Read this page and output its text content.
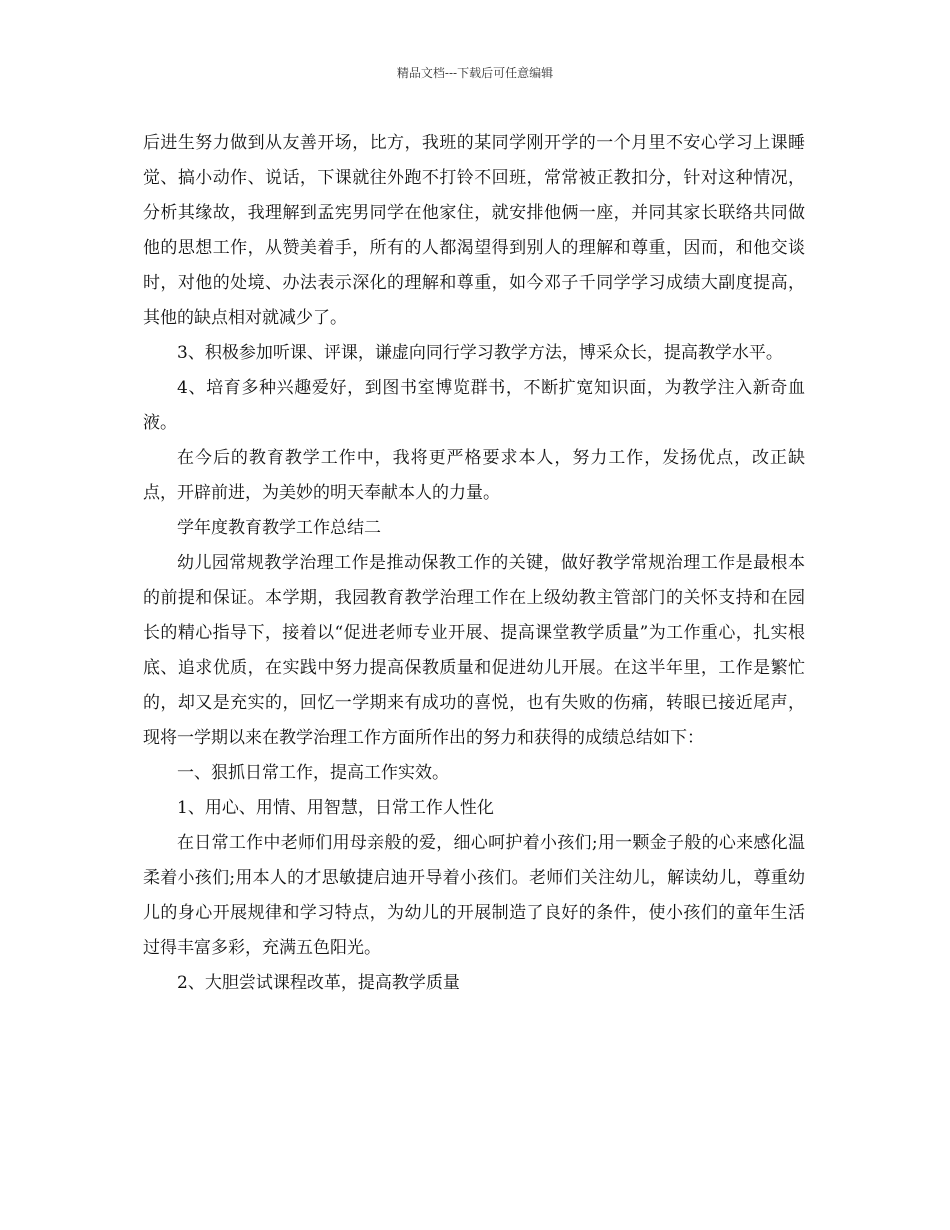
精品文档---下载后可任意编辑

后进生努力做到从友善开场，比方，我班的某同学刚开学的一个月里不安心学习上课睡觉、搞小动作、说话，下课就往外跑不打铃不回班，常常被正教扣分，针对这种情况，分析其缘故，我理解到孟宪男同学在他家住，就安排他俩一座，并同其家长联络共同做他的思想工作，从赞美着手，所有的人都渴望得到别人的理解和尊重，因而，和他交谈时，对他的处境、办法表示深化的理解和尊重，如今邓子千同学学习成绩大副度提高，其他的缺点相对就减少了。

3、积极参加听课、评课，谦虚向同行学习教学方法，博采众长，提高教学水平。

4、培育多种兴趣爱好，到图书室博览群书，不断扩宽知识面，为教学注入新奇血液。

在今后的教育教学工作中，我将更严格要求本人，努力工作，发扬优点，改正缺点，开辟前进，为美妙的明天奉献本人的力量。

学年度教育教学工作总结二

幼儿园常规教学治理工作是推动保教工作的关键，做好教学常规治理工作是最根本的前提和保证。本学期，我园教育教学治理工作在上级幼教主管部门的关怀支持和在园长的精心指导下，接着以“促进老师专业开展、提高课堂教学质量”为工作重心，扎实根底、追求优质，在实践中努力提高保教质量和促进幼儿开展。在这半年里，工作是繁忙的，却又是充实的，回忆一学期来有成功的喜悦，也有失败的伤痛，转眼已接近尾声，现将一学期以来在教学治理工作方面所作出的努力和获得的成绩总结如下：

一、狠抓日常工作，提高工作实效。

1、用心、用情、用智慧，日常工作人性化

在日常工作中老师们用母亲般的爱，细心呵护着小孩们;用一颗金子般的心来感化温柔着小孩们;用本人的才思敏捷启迪开导着小孩们。老师们关注幼儿，解读幼儿，尊重幼儿的身心开展规律和学习特点，为幼儿的开展制造了良好的条件，使小孩们的童年生活过得丰富多彩，充满五色阳光。

2、大胆尝试课程改革，提高教学质量
